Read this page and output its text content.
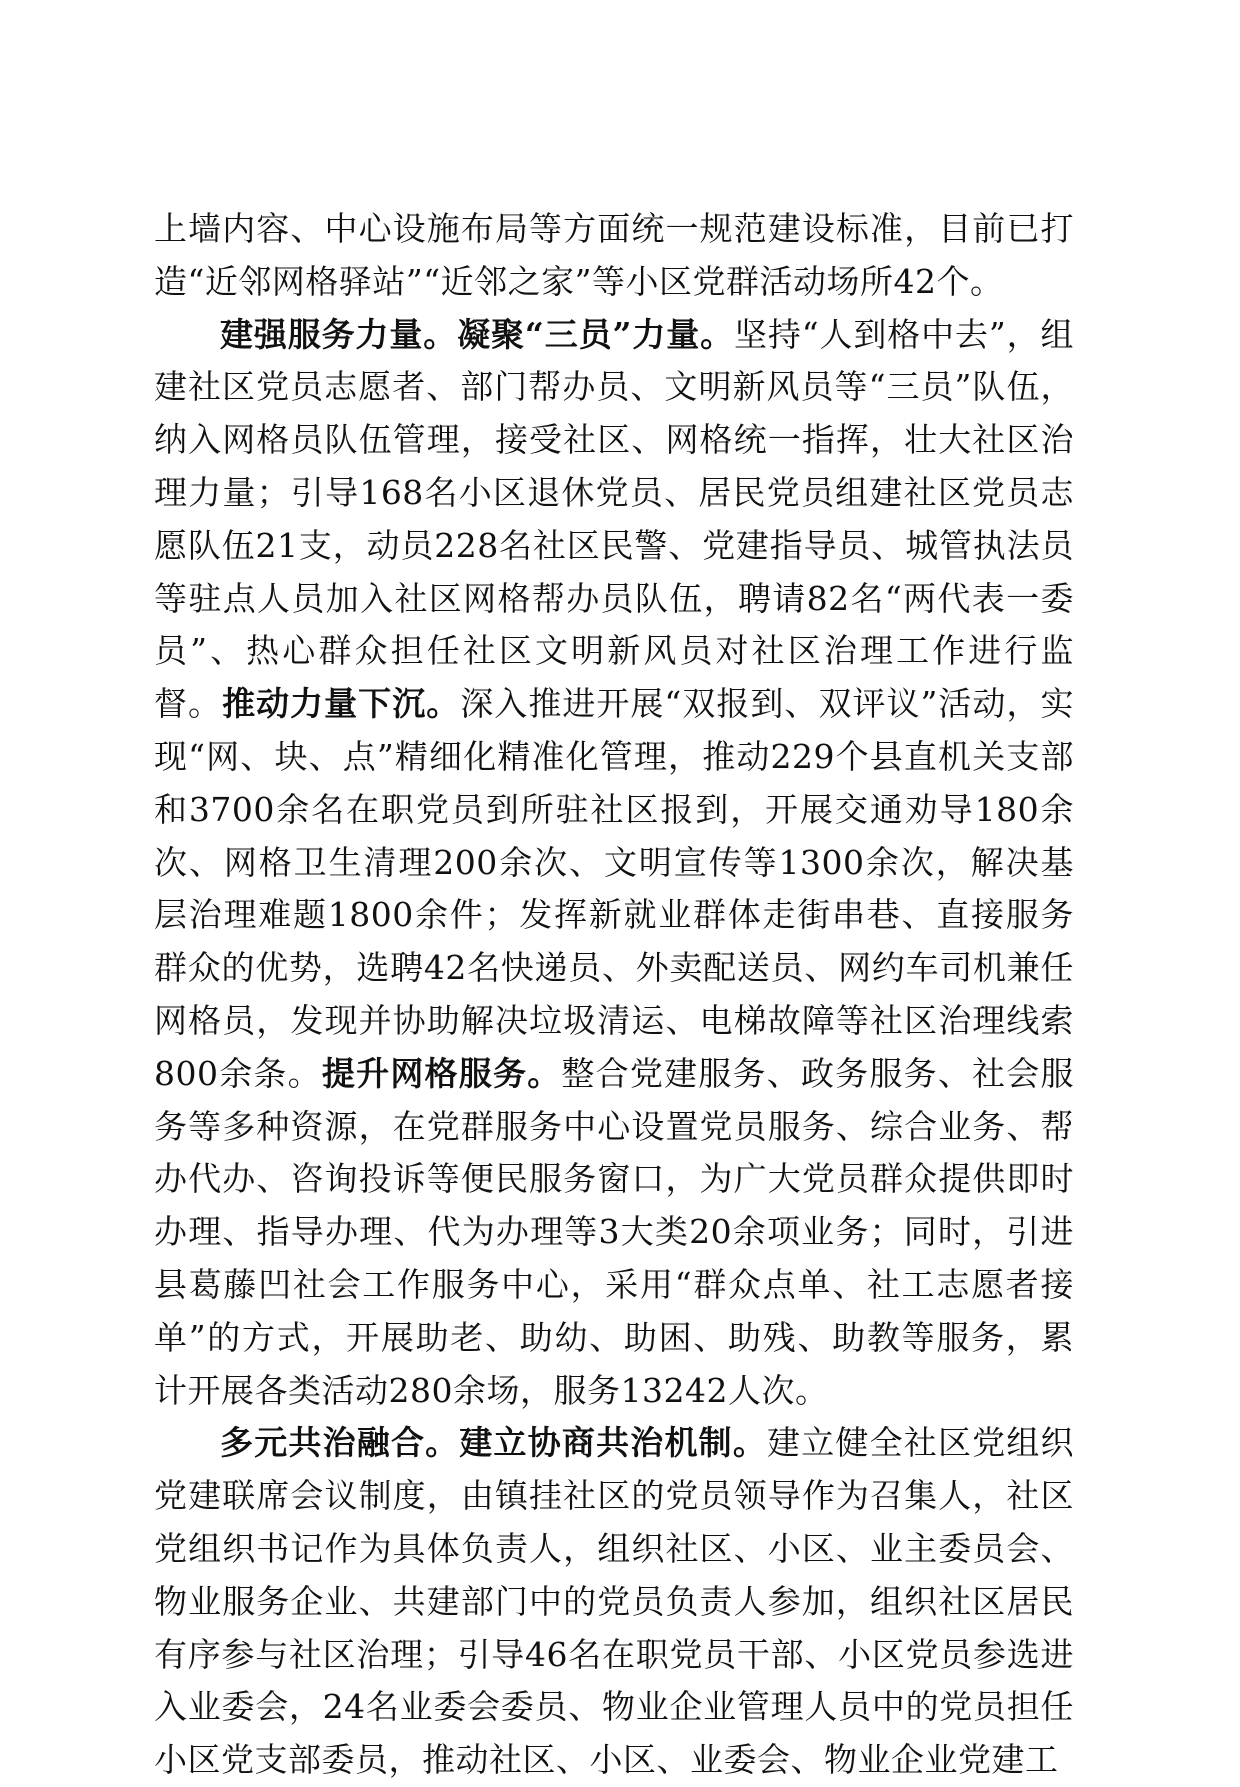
上墙内容、中心设施布局等方面统一规范建设标准，目前已打造“近邻网格驿站”“近邻之家”等小区党群活动场所42个。

建强服务力量。凝聚“三员”力量。坚持“人到格中去”，组建社区党员志愿者、部门帮办员、文明新风员等“三员”队伍，纳入网格员队伍管理，接受社区、网格统一指挥，壮大社区治理力量；引导168名小区退休党员、居民党员组建社区党员志愿队伍21支，动员228名社区民警、党建指导员、城管执法员等驻点人员加入社区网格帮办员队伍，聘请82名“两代表一委员”、热心群众担任社区文明新风员对社区治理工作进行监督。推动力量下沉。深入推进开展“双报到、双评议”活动，实现“网、块、点”精细化精准化管理，推动229个县直机关支部和3700余名在职党员到所驻社区报到，开展交通劝导180余次、网格卫生清理200余次、文明宣传等1300余次，解决基层治理难题1800余件；发挥新就业群体走街串巷、直接服务群众的优势，选聘42名快递员、外卖配送员、网约车司机兼任网格员，发现并协助解决垃圾清运、电梯故障等社区治理线索800余条。提升网格服务。整合党建服务、政务服务、社会服务等多种资源，在党群服务中心设置党员服务、综合业务、帮办代办、咨询投诉等便民服务窗口，为广大党员群众提供即时办理、指导办理、代为办理等3大类20余项业务；同时，引进县葛藤凹社会工作服务中心，采用“群众点单、社工志愿者接单”的方式，开展助老、助幼、助困、助残、助教等服务，累计开展各类活动280余场，服务13242人次。

多元共治融合。建立协商共治机制。建立健全社区党组织党建联席会议制度，由镇挂社区的党员领导作为召集人，社区党组织书记作为具体负责人，组织社区、小区、业主委员会、物业服务企业、共建部门中的党员负责人参加，组织社区居民有序参与社区治理；引导46名在职党员干部、小区党员参选进入业委会，24名业委会委员、物业企业管理人员中的党员担任小区党支部委员，推动社区、小区、业委会、物业企业党建工
